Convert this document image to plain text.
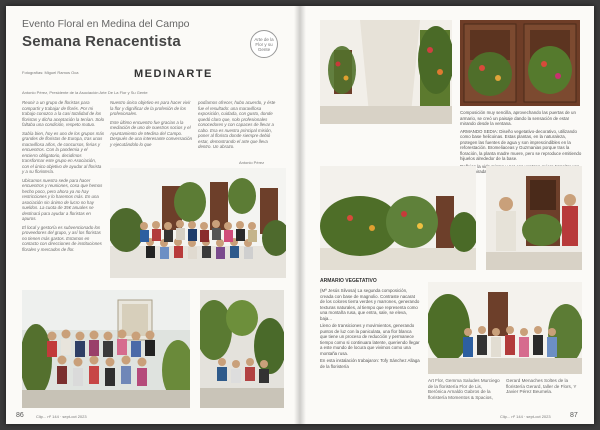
Evento Floral en Medina del Campo
Semana Renacentista
Fotografías: Miguel Ramos Oca
Arte de la Flor y su Gente
MEDINARTE
Antonio Pérez, Presidente de la Asociación Arte De La Flor y Su Gente

Reunir a un grupo de floristas para compartir y trabajar de florés. Por mi trabajo conozco a la casi totalidad de los floristas y dicha aceptación la tenían. Solo faltaba una condición, respeto mutuo.

Sabía bien, hoy es uno de los grupos más grandes de floristas de Europa, tras unas maravillosa años, de concursos, ferias y encuentros. Con la pandemia y el encierro obligatorio, decidimos transformar este grupo en Asociación, con el único objetivo de ayudar al florista y a su floristería.

Ubicamos nuestra sede para hacer encuentros y reuniones, cosa que hemos hecho poco, pero ahora ya no hay restricciones y lo haremos más. En una asociación sin ánimo de lucro no hay sueldos. La cuota de 35€ anuales se destinará para ayudar a floristas en apuros.

El local y gestoría es subvencionado los proveedores del grupo, y así los floristas no tienen más gastos. Estamos en contacto con direcciones de instituciones florales y mercados de flor.

Nuestro único objetivo es para hacer vivir la flor y dignificar de la profesión de los profesionales.

Este último encuentro fue gracias a la mediación de uno de nuestros socios y el Ayuntamiento de Medina del Campo. Después de una interesante conversación y ejecutándolo lo que

podíamos ofrecer, hubo acuerdo, y éste fue el resultado: una maravillosa exposición, cuidada, con gusto, donde quedó claro que, solo profesionales conocedores y con capaces de llevar a cabo. Esa es nuestra principal misión, poner al florista donde siempre debió estar, demostrando el arte que lleva dentro. Un abrazo.

Antonio Pérez
86	Clip... nº 144 · sept-oct 2023

Composición muy sencilla, aprovechando las puertas de un armario, se creó un paisaje dando la sensación de estar mirando desde la ventana.

ARMANDO SEDIA: Diseño vegetativo-decorativo, utilizando como base helicoinas. Estas plantas, en la naturaleza, protegen las fuentes de agua y son imprescindibles en la reforestación. Bromeliaceas y Guzmanias porque tras la floración, la planta madre muere, pero se reproduce emitiendo hijuelos alrededor de la base.

la vida mirada

ARMARIO VEGETATIVO

(Mª Jesús Silvosa) La segunda composición, creada con base de magnolio. Contraste nacarat de los colores tierra verdes y marrones, generando texturas naturales, al tiempo que representa como una montaña rusa, que entra, sale, se eleva, baja...

Lleno de transiciones y movimientos, generando puntos de luz con la paniculata, una flor blanca que tiene un proceso de reducción y permanece tiempo como si continuara latente, queriendo llegar a este mundo de locura que vivimos como una montaña rusa.

En esta instalación trabajaron: Tofy Sánchez Allaga de la floristería

Art Flor, Gemma Saludes Murciego de la floristería Flor de Lis, Berónica Arnaldo Gabros de la floristería Momentos & Spacios,
Gerard Menaches Soltes de la floristería Gerard, taller de Flors, Y Javier Pérez Beumela.
Clip... nº 144 · sept-oct 2023	87
